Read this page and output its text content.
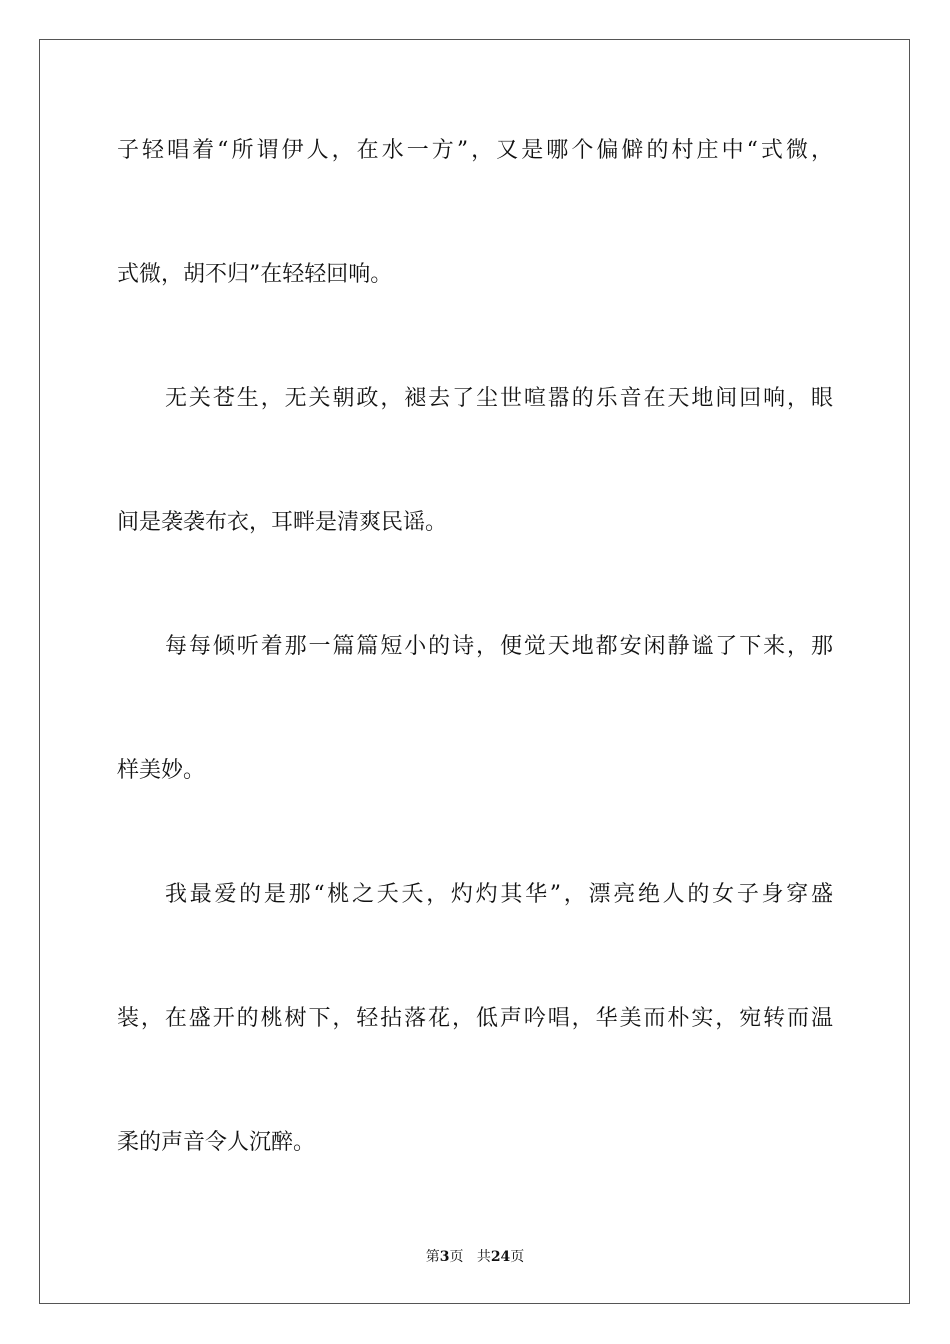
子轻唱着“所谓伊人，在水一方”，又是哪个偏僻的村庄中“式微，
式微，胡不归”在轻轻回响。
无关苍生，无关朝政，褪去了尘世喧嚣的乐音在天地间回响，眼
间是袭袭布衣，耳畔是清爽民谣。
每每倾听着那一篇篇短小的诗，便觉天地都安闲静谧了下来，那
样美妙。
我最爱的是那“桃之夭夭，灼灼其华”，漂亮绝人的女子身穿盛
装，在盛开的桃树下，轻拈落花，低声吟唱，华美而朴实，宛转而温
柔的声音令人沉醉。
第3页 共24页
